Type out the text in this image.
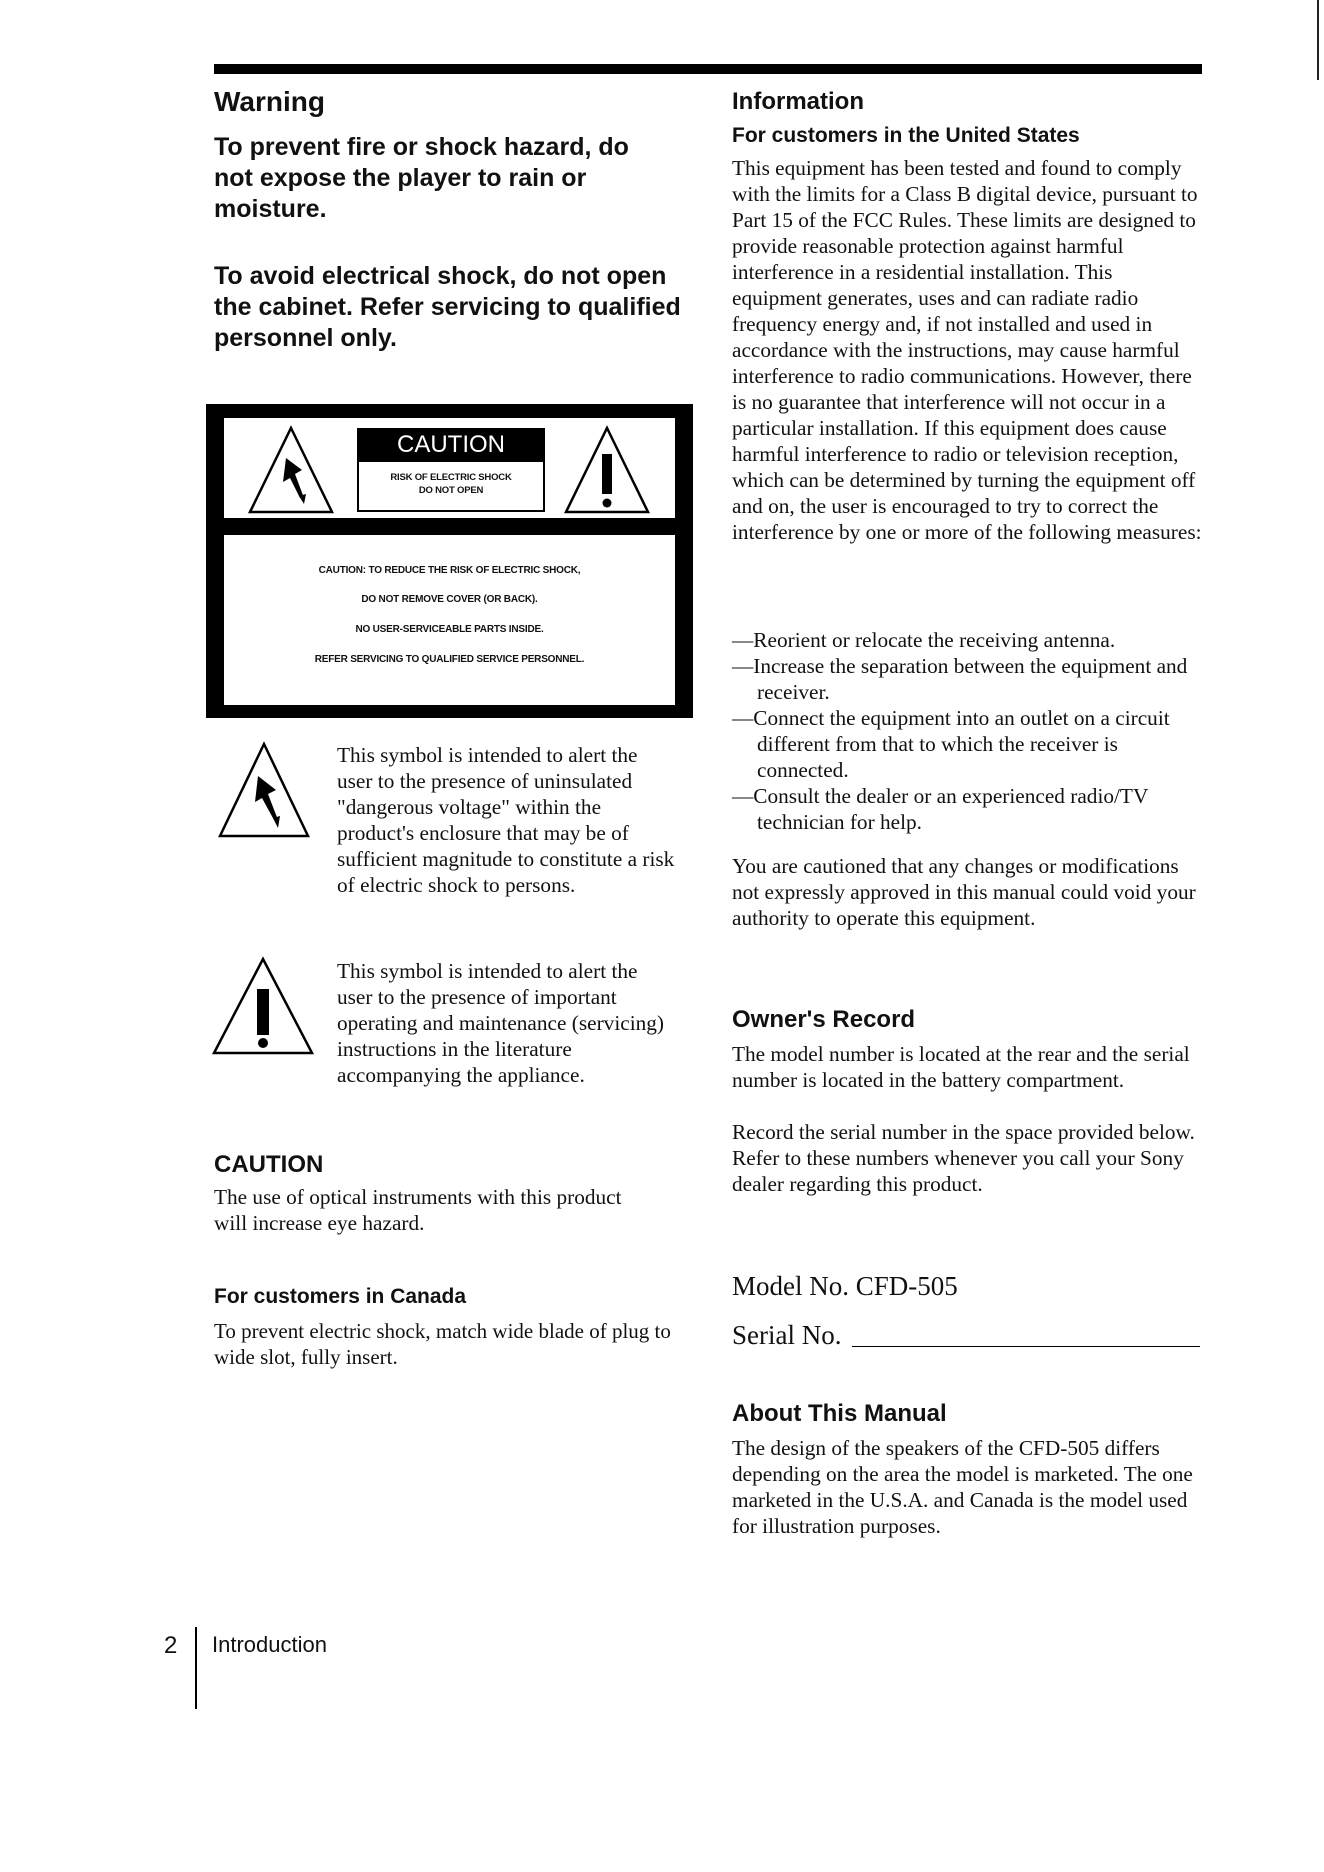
Warning

To prevent fire or shock hazard, do not expose the player to rain or moisture.

To avoid electrical shock, do not open the cabinet. Refer servicing to qualified personnel only.

CAUTION
RISK OF ELECTRIC SHOCK
DO NOT OPEN
CAUTION: TO REDUCE THE RISK OF ELECTRIC SHOCK,
DO NOT REMOVE COVER (OR BACK).
NO USER-SERVICEABLE PARTS INSIDE.
REFER SERVICING TO QUALIFIED SERVICE PERSONNEL.

This symbol is intended to alert the user to the presence of uninsulated "dangerous voltage" within the product's enclosure that may be of sufficient magnitude to constitute a risk of electric shock to persons.

This symbol is intended to alert the user to the presence of important operating and maintenance (servicing) instructions in the literature accompanying the appliance.

CAUTION

The use of optical instruments with this product will increase eye hazard.

For customers in Canada

To prevent electric shock, match wide blade of plug to wide slot, fully insert.

Information
For customers in the United States

This equipment has been tested and found to comply with the limits for a Class B digital device, pursuant to Part 15 of the FCC Rules. These limits are designed to provide reasonable protection against harmful interference in a residential installation. This equipment generates, uses and can radiate radio frequency energy and, if not installed and used in accordance with the instructions, may cause harmful interference to radio communications. However, there is no guarantee that interference will not occur in a particular installation. If this equipment does cause harmful interference to radio or television reception, which can be determined by turning the equipment off and on, the user is encouraged to try to correct the interference by one or more of the following measures:

—Reorient or relocate the receiving antenna.

—Increase the separation between the equipment and receiver.

—Connect the equipment into an outlet on a circuit different from that to which the receiver is connected.

—Consult the dealer or an experienced radio/TV technician for help.

You are cautioned that any changes or modifications not expressly approved in this manual could void your authority to operate this equipment.

Owner's Record

The model number is located at the rear and the serial number is located in the battery compartment.

Record the serial number in the space provided below. Refer to these numbers whenever you call your Sony dealer regarding this product.

Model No. CFD-505
Serial No.
About This Manual

The design of the speakers of the CFD-505 differs depending on the area the model is marketed. The one marketed in the U.S.A. and Canada is the model used for illustration purposes.

2 Introduction
